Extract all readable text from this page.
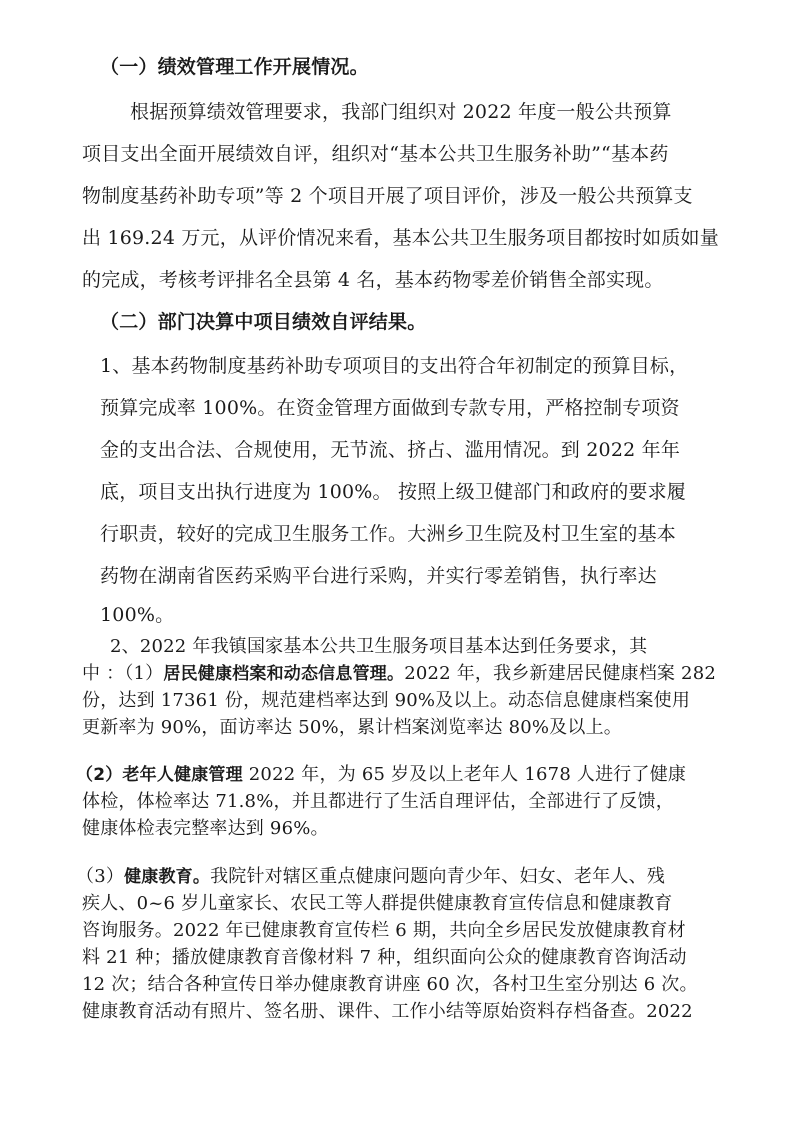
（一）绩效管理工作开展情况。
根据预算绩效管理要求，我部门组织对 2022 年度一般公共预算
项目支出全面开展绩效自评，组织对“基本公共卫生服务补助”“基本药
物制度基药补助专项”等 2 个项目开展了项目评价，涉及一般公共预算支
出 169.24 万元，从评价情况来看，基本公共卫生服务项目都按时如质如量
的完成，考核考评排名全县第 4 名，基本药物零差价销售全部实现。
（二）部门决算中项目绩效自评结果。
1、基本药物制度基药补助专项项目的支出符合年初制定的预算目标，
预算完成率 100%。在资金管理方面做到专款专用，严格控制专项资
金的支出合法、合规使用，无节流、挤占、滥用情况。到 2022 年年
底，项目支出执行进度为 100%。 按照上级卫健部门和政府的要求履
行职责，较好的完成卫生服务工作。大洲乡卫生院及村卫生室的基本
药物在湖南省医药采购平台进行采购，并实行零差销售，执行率达
100%。
2、2022 年我镇国家基本公共卫生服务项目基本达到任务要求，其
中 ：（1）居民健康档案和动态信息管理。2022 年，我乡新建居民健康档案 282
份，达到 17361 份，规范建档率达到 90%及以上。动态信息健康档案使用
更新率为 90%，面访率达 50%，累计档案浏览率达 80%及以上。
（2）老年人健康管理 2022 年，为 65 岁及以上老年人 1678 人进行了健康
体检，体检率达 71.8%，并且都进行了生活自理评估，全部进行了反馈，
健康体检表完整率达到 96%。
（3）健康教育。我院针对辖区重点健康问题向青少年、妇女、老年人、残
疾人、0~6 岁儿童家长、农民工等人群提供健康教育宣传信息和健康教育
咨询服务。2022 年已健康教育宣传栏 6 期，共向全乡居民发放健康教育材
料 21 种；播放健康教育音像材料 7 种，组织面向公众的健康教育咨询活动
12 次；结合各种宣传日举办健康教育讲座 60 次，各村卫生室分别达 6 次。
健康教育活动有照片、签名册、课件、工作小结等原始资料存档备查。2022
